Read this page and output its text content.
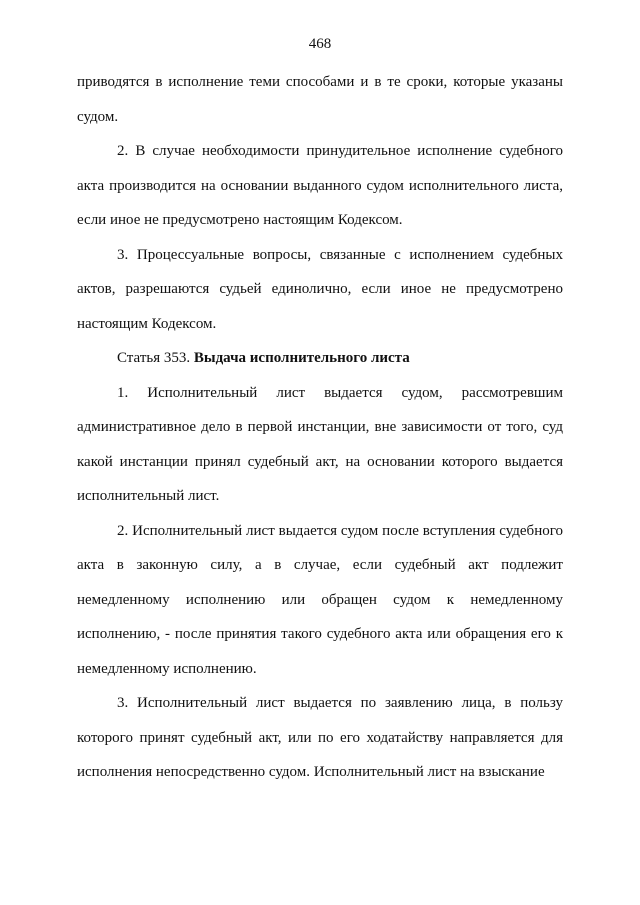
468

приводятся в исполнение теми способами и в те сроки, которые указаны судом.

2. В случае необходимости принудительное исполнение судебного акта производится на основании выданного судом исполнительного листа, если иное не предусмотрено настоящим Кодексом.

3. Процессуальные вопросы, связанные с исполнением судебных актов, разрешаются судьей единолично, если иное не предусмотрено настоящим Кодексом.

Статья 353. Выдача исполнительного листа

1. Исполнительный лист выдается судом, рассмотревшим административное дело в первой инстанции, вне зависимости от того, суд какой инстанции принял судебный акт, на основании которого выдается исполнительный лист.

2. Исполнительный лист выдается судом после вступления судебного акта в законную силу, а в случае, если судебный акт подлежит немедленному исполнению или обращен судом к немедленному исполнению, - после принятия такого судебного акта или обращения его к немедленному исполнению.

3. Исполнительный лист выдается по заявлению лица, в пользу которого принят судебный акт, или по его ходатайству направляется для исполнения непосредственно судом. Исполнительный лист на взыскание
